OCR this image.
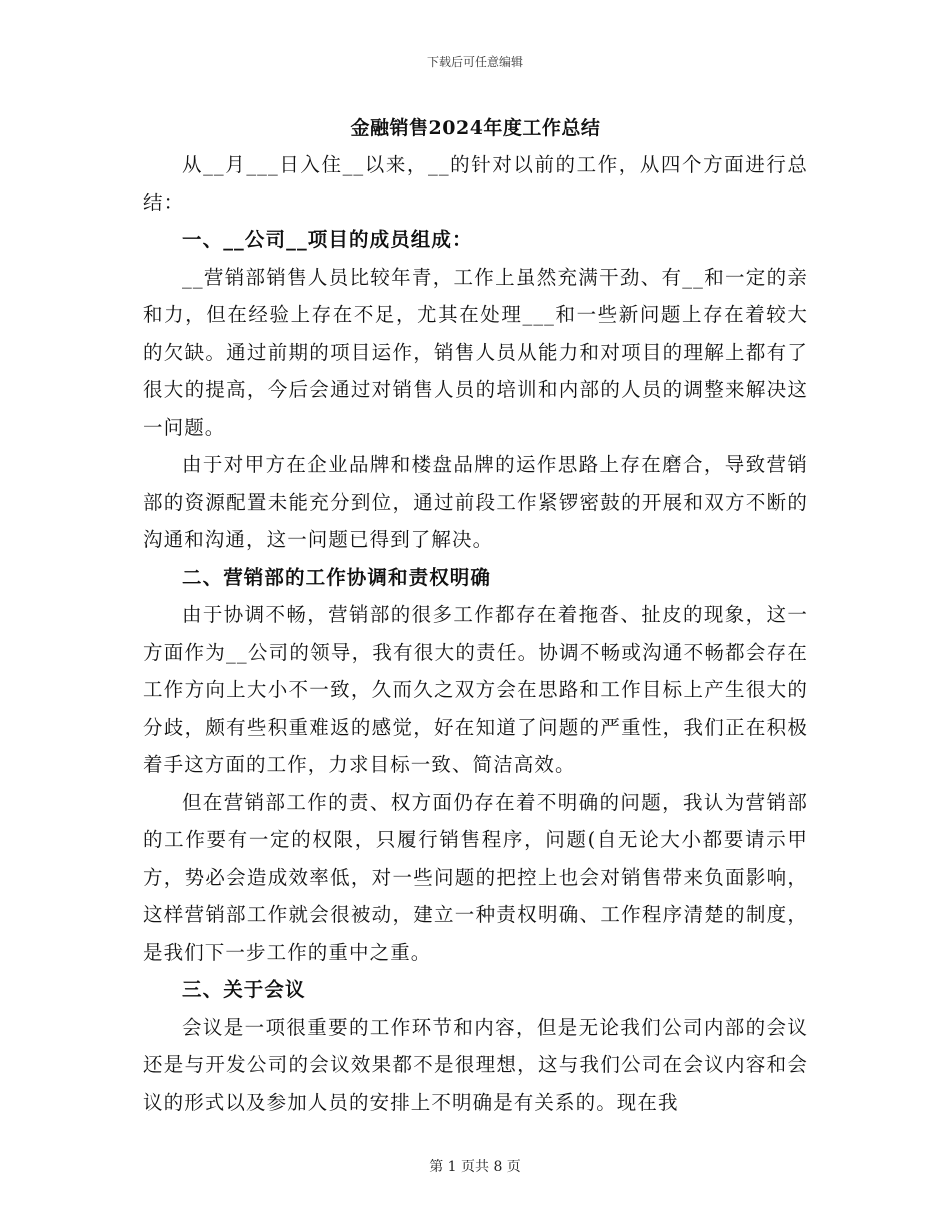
下载后可任意编辑
金融销售2024年度工作总结

从__月___日入住__以来，__的针对以前的工作，从四个方面进行总结：

一、__公司__项目的成员组成：

__营销部销售人员比较年青，工作上虽然充满干劲、有__和一定的亲和力，但在经验上存在不足，尤其在处理___和一些新问题上存在着较大的欠缺。通过前期的项目运作，销售人员从能力和对项目的理解上都有了很大的提高，今后会通过对销售人员的培训和内部的人员的调整来解决这一问题。

由于对甲方在企业品牌和楼盘品牌的运作思路上存在磨合，导致营销部的资源配置未能充分到位，通过前段工作紧锣密鼓的开展和双方不断的沟通和沟通，这一问题已得到了解决。

二、营销部的工作协调和责权明确

由于协调不畅，营销部的很多工作都存在着拖沓、扯皮的现象，这一方面作为__公司的领导，我有很大的责任。协调不畅或沟通不畅都会存在工作方向上大小不一致，久而久之双方会在思路和工作目标上产生很大的分歧，颇有些积重难返的感觉，好在知道了问题的严重性，我们正在积极着手这方面的工作，力求目标一致、简洁高效。

但在营销部工作的责、权方面仍存在着不明确的问题，我认为营销部的工作要有一定的权限，只履行销售程序，问题(自无论大小都要请示甲方，势必会造成效率低，对一些问题的把控上也会对销售带来负面影响，这样营销部工作就会很被动，建立一种责权明确、工作程序清楚的制度，是我们下一步工作的重中之重。

三、关于会议

会议是一项很重要的工作环节和内容，但是无论我们公司内部的会议还是与开发公司的会议效果都不是很理想，这与我们公司在会议内容和会议的形式以及参加人员的安排上不明确是有关系的。现在我

第 1 页共 8 页
